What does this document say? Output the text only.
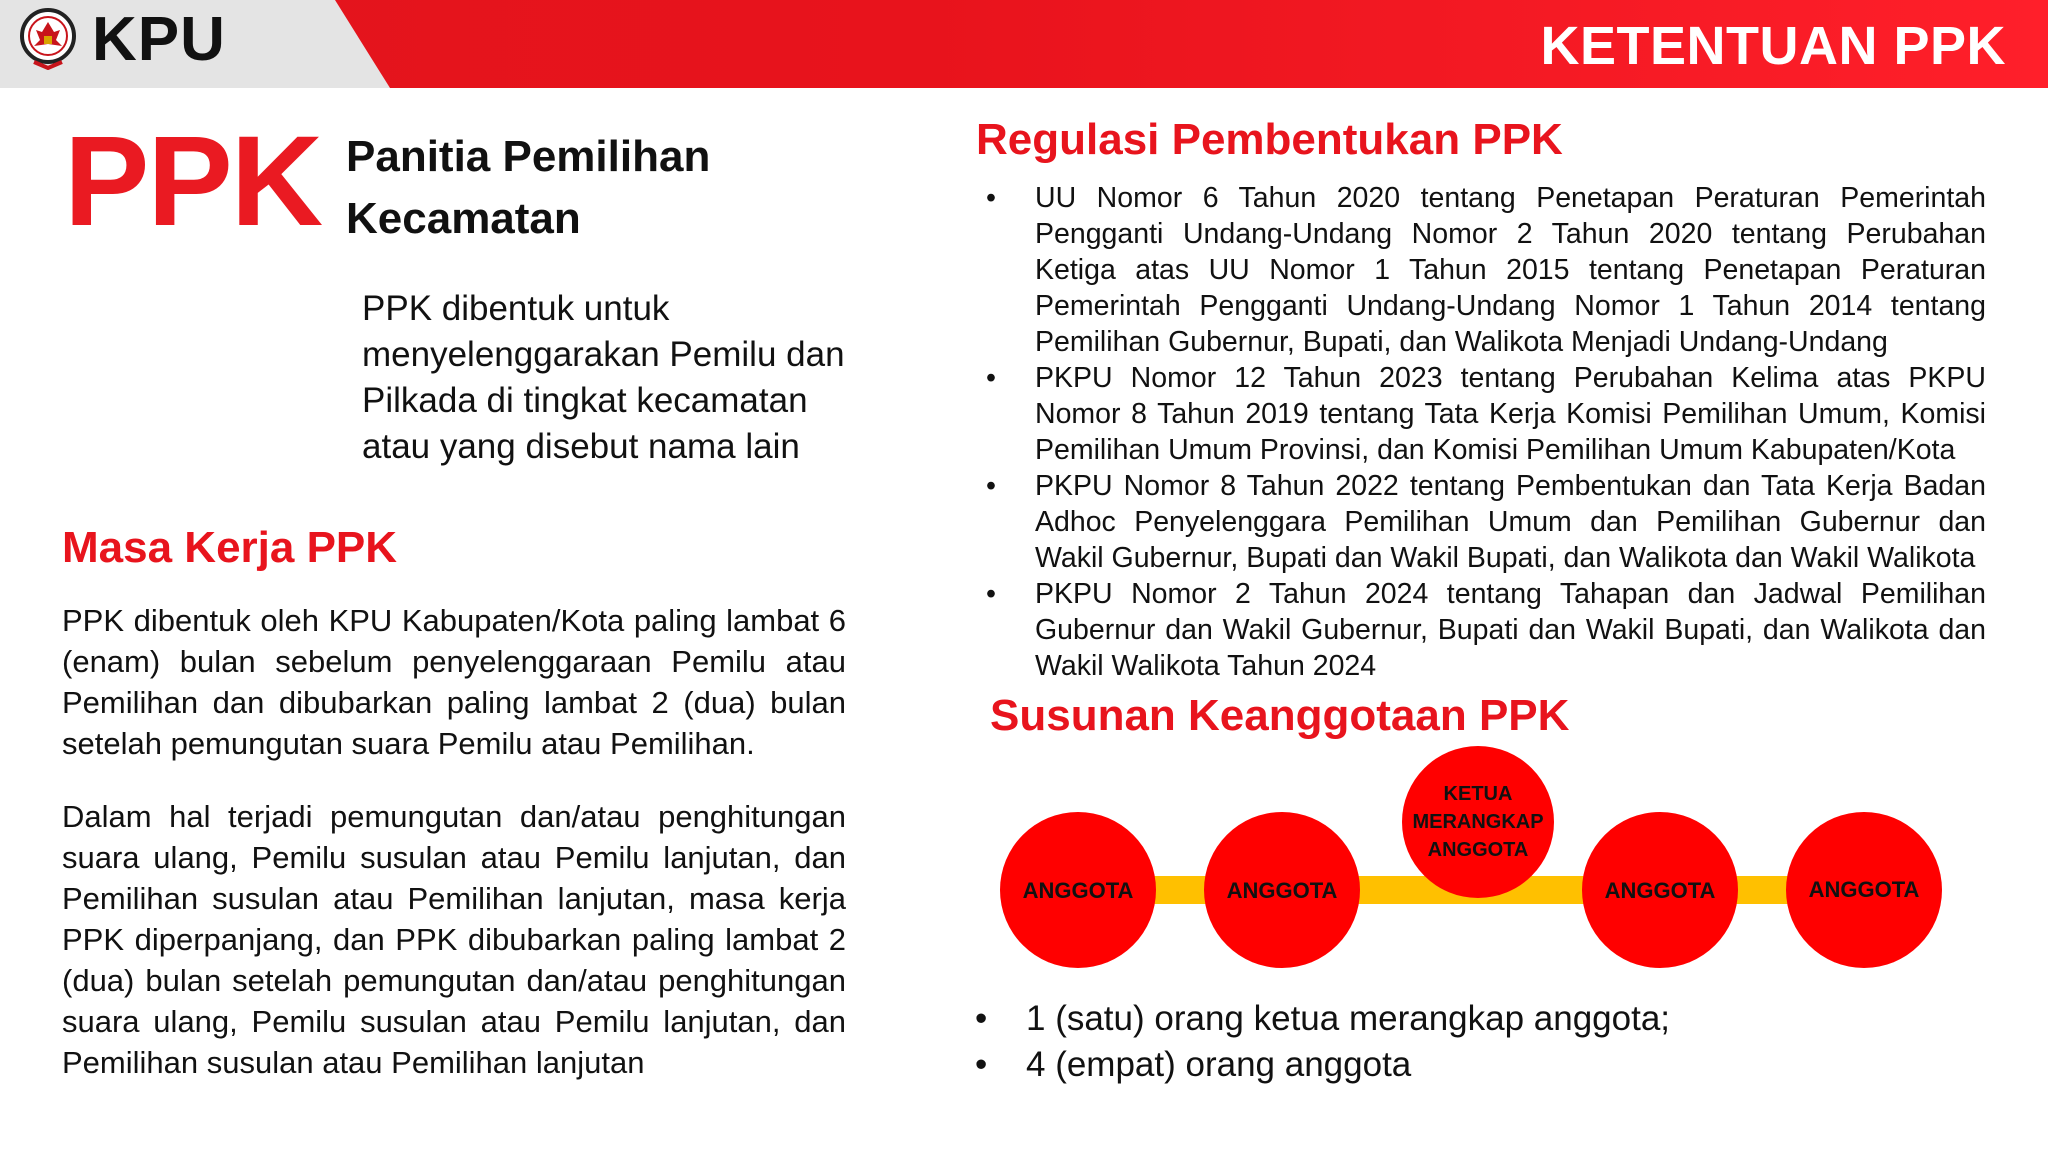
KPU	KETENTUAN PPK
PPK Panitia Pemilihan Kecamatan
PPK dibentuk untuk menyelenggarakan Pemilu dan Pilkada di tingkat kecamatan atau yang disebut nama lain
Masa Kerja PPK
PPK dibentuk oleh KPU Kabupaten/Kota paling lambat 6 (enam) bulan sebelum penyelenggaraan Pemilu atau Pemilihan dan dibubarkan paling lambat 2 (dua) bulan setelah pemungutan suara Pemilu atau Pemilihan.
Dalam hal terjadi pemungutan dan/atau penghitungan suara ulang, Pemilu susulan atau Pemilu lanjutan, dan Pemilihan susulan atau Pemilihan lanjutan, masa kerja PPK diperpanjang, dan PPK dibubarkan paling lambat 2 (dua) bulan setelah pemungutan dan/atau penghitungan suara ulang, Pemilu susulan atau Pemilu lanjutan, dan Pemilihan susulan atau Pemilihan lanjutan
Regulasi Pembentukan PPK
•	UU Nomor 6 Tahun 2020 tentang Penetapan Peraturan Pemerintah Pengganti Undang-Undang Nomor 2 Tahun 2020 tentang Perubahan Ketiga atas UU Nomor 1 Tahun 2015 tentang Penetapan Peraturan Pemerintah Pengganti Undang-Undang Nomor 1 Tahun 2014 tentang Pemilihan Gubernur, Bupati, dan Walikota Menjadi Undang-Undang
•	PKPU Nomor 12 Tahun 2023 tentang Perubahan Kelima atas PKPU Nomor 8 Tahun 2019 tentang Tata Kerja Komisi Pemilihan Umum, Komisi Pemilihan Umum Provinsi, dan Komisi Pemilihan Umum Kabupaten/Kota
•	PKPU Nomor 8 Tahun 2022 tentang Pembentukan dan Tata Kerja Badan Adhoc Penyelenggara Pemilihan Umum dan Pemilihan Gubernur dan Wakil Gubernur, Bupati dan Wakil Bupati, dan Walikota dan Wakil Walikota
•	PKPU Nomor 2 Tahun 2024 tentang Tahapan dan Jadwal Pemilihan Gubernur dan Wakil Gubernur, Bupati dan Wakil Bupati, dan Walikota dan Wakil Walikota Tahun 2024
Susunan Keanggotaan PPK
ANGGOTA	ANGGOTA
KETUA MERANGKAP ANGGOTA
ANGGOTA	ANGGOTA
• 1 (satu) orang ketua merangkap anggota;
• 4 (empat) orang anggota
